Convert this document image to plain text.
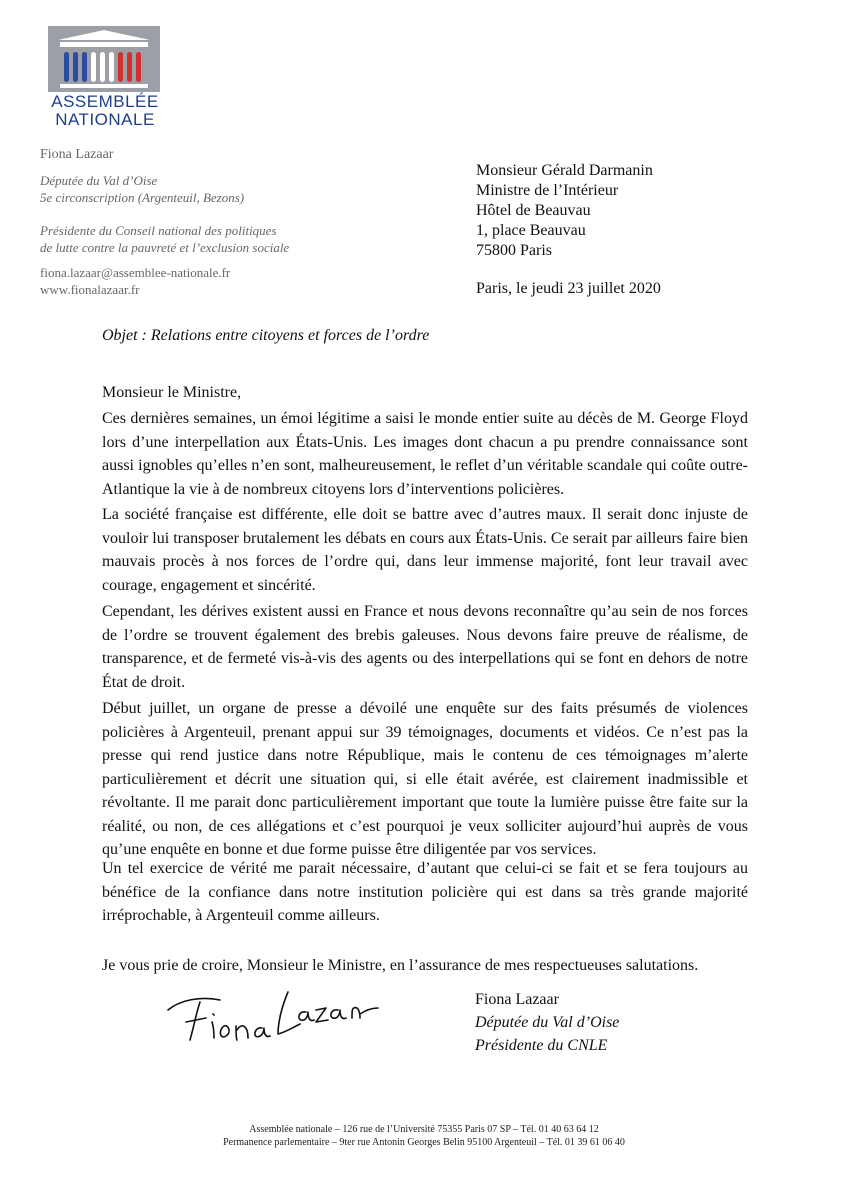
ASSEMBLÉE
NATIONALE
Fiona Lazaar
Députée du Val d’Oise
5e circonscription (Argenteuil, Bezons)
Présidente du Conseil national des politiques
de lutte contre la pauvreté et l’exclusion sociale
fiona.lazaar@assemblee-nationale.fr
www.fionalazaar.fr
Monsieur Gérald Darmanin
Ministre de l’Intérieur
Hôtel de Beauvau
1, place Beauvau
75800 Paris
Paris, le jeudi 23 juillet 2020
Objet : Relations entre citoyens et forces de l’ordre
Monsieur le Ministre,

Ces dernières semaines, un émoi légitime a saisi le monde entier suite au décès de M. George Floyd lors d’une interpellation aux États-Unis. Les images dont chacun a pu prendre connaissance sont aussi ignobles qu’elles n’en sont, malheureusement, le reflet d’un véritable scandale qui coûte outre-Atlantique la vie à de nombreux citoyens lors d’interventions policières.

La société française est différente, elle doit se battre avec d’autres maux. Il serait donc injuste de vouloir lui transposer brutalement les débats en cours aux États-Unis. Ce serait par ailleurs faire bien mauvais procès à nos forces de l’ordre qui, dans leur immense majorité, font leur travail avec courage, engagement et sincérité.

Cependant, les dérives existent aussi en France et nous devons reconnaître qu’au sein de nos forces de l’ordre se trouvent également des brebis galeuses. Nous devons faire preuve de réalisme, de transparence, et de fermeté vis-à-vis des agents ou des interpellations qui se font en dehors de notre État de droit.

Début juillet, un organe de presse a dévoilé une enquête sur des faits présumés de violences policières à Argenteuil, prenant appui sur 39 témoignages, documents et vidéos. Ce n’est pas la presse qui rend justice dans notre République, mais le contenu de ces témoignages m’alerte particulièrement et décrit une situation qui, si elle était avérée, est clairement inadmissible et révoltante. Il me parait donc particulièrement important que toute la lumière puisse être faite sur la réalité, ou non, de ces allégations et c’est pourquoi je veux solliciter aujourd’hui auprès de vous qu’une enquête en bonne et due forme puisse être diligentée par vos services.

Un tel exercice de vérité me parait nécessaire, d’autant que celui-ci se fait et se fera toujours au bénéfice de la confiance dans notre institution policière qui est dans sa très grande majorité irréprochable, à Argenteuil comme ailleurs.

Je vous prie de croire, Monsieur le Ministre, en l’assurance de mes respectueuses salutations.
Fiona Lazaar
Députée du Val d’Oise
Présidente du CNLE
Assemblée nationale – 126 rue de l’Université 75355 Paris 07 SP – Tél. 01 40 63 64 12
Permanence parlementaire – 9ter rue Antonin Georges Belin 95100 Argenteuil – Tél. 01 39 61 06 40
